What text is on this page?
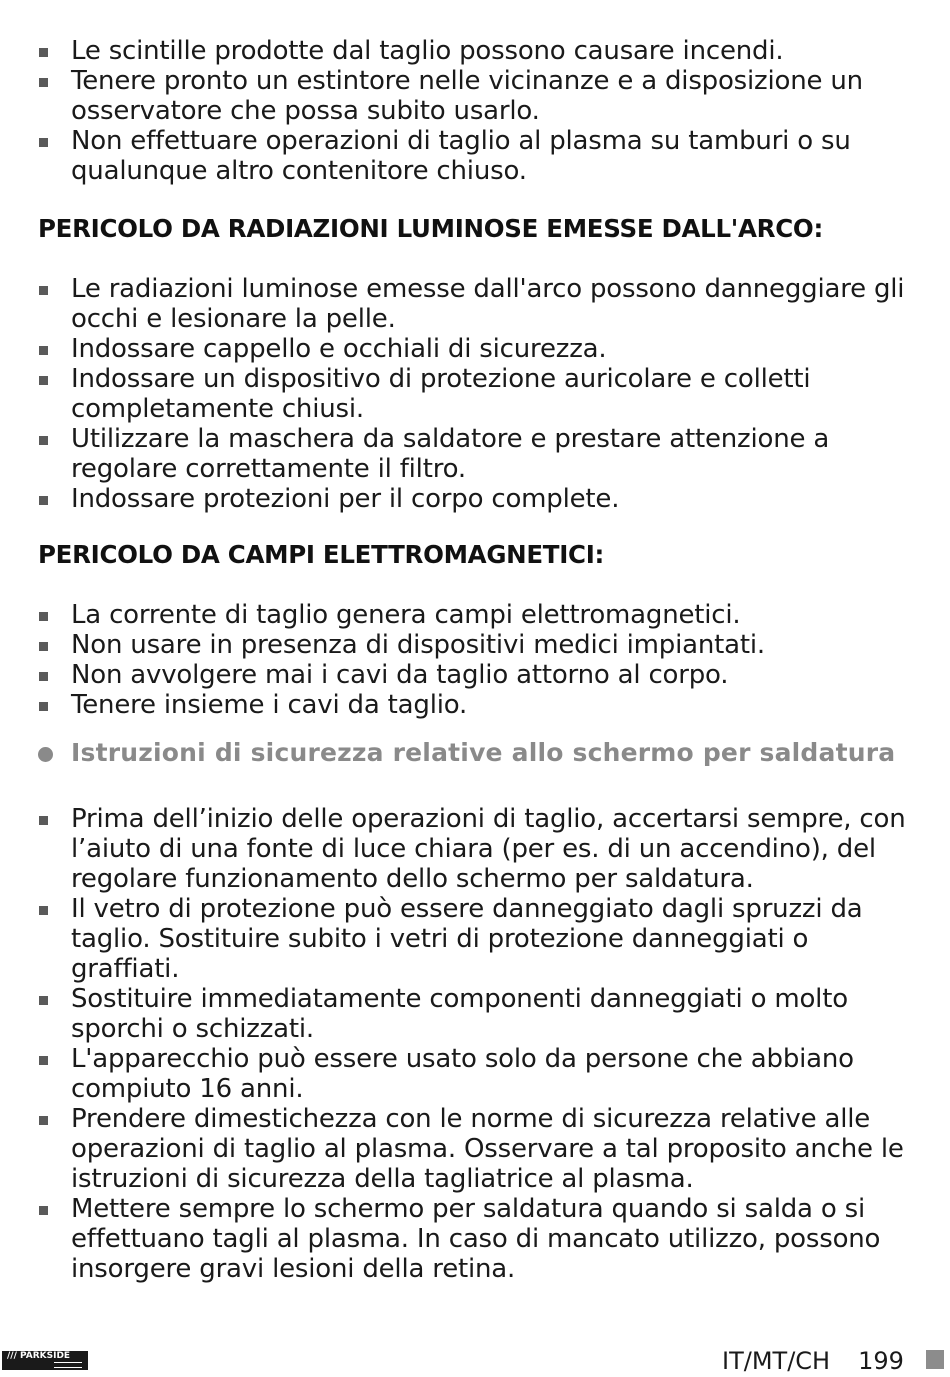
Le scintille prodotte dal taglio possono causare incendi.
Tenere pronto un estintore nelle vicinanze e a disposizione un osservatore che possa subito usarlo.
Non effettuare operazioni di taglio al plasma su tamburi o su qualunque altro contenitore chiuso.
PERICOLO DA RADIAZIONI LUMINOSE EMESSE DALL'ARCO:
Le radiazioni luminose emesse dall'arco possono danneggiare gli occhi e lesionare la pelle.
Indossare cappello e occhiali di sicurezza.
Indossare un dispositivo di protezione auricolare e colletti completamente chiusi.
Utilizzare la maschera da saldatore e prestare attenzione a regolare correttamente il filtro.
Indossare protezioni per il corpo complete.
PERICOLO DA CAMPI ELETTROMAGNETICI:
La corrente di taglio genera campi elettromagnetici.
Non usare in presenza di dispositivi medici impiantati.
Non avvolgere mai i cavi da taglio attorno al corpo.
Tenere insieme i cavi da taglio.
Istruzioni di sicurezza relative allo schermo per saldatura
Prima dell’inizio delle operazioni di taglio, accertarsi sempre, con l’aiuto di una fonte di luce chiara (per es. di un accendino), del regolare funzionamento dello schermo per saldatura.
Il vetro di protezione può essere danneggiato dagli spruzzi da taglio. Sostituire subito i vetri di protezione danneggiati o graffiati.
Sostituire immediatamente componenti danneggiati o molto sporchi o schizzati.
L'apparecchio può essere usato solo da persone che abbiano compiuto 16 anni.
Prendere dimestichezza con le norme di sicurezza relative alle operazioni di taglio al plasma. Osservare a tal proposito anche le istruzioni di sicurezza della tagliatrice al plasma.
Mettere sempre lo schermo per saldatura quando si salda o si effettuano tagli al plasma. In caso di mancato utilizzo, possono insorgere gravi lesioni della retina.
/// PARKSIDE	IT/MT/CH 199
